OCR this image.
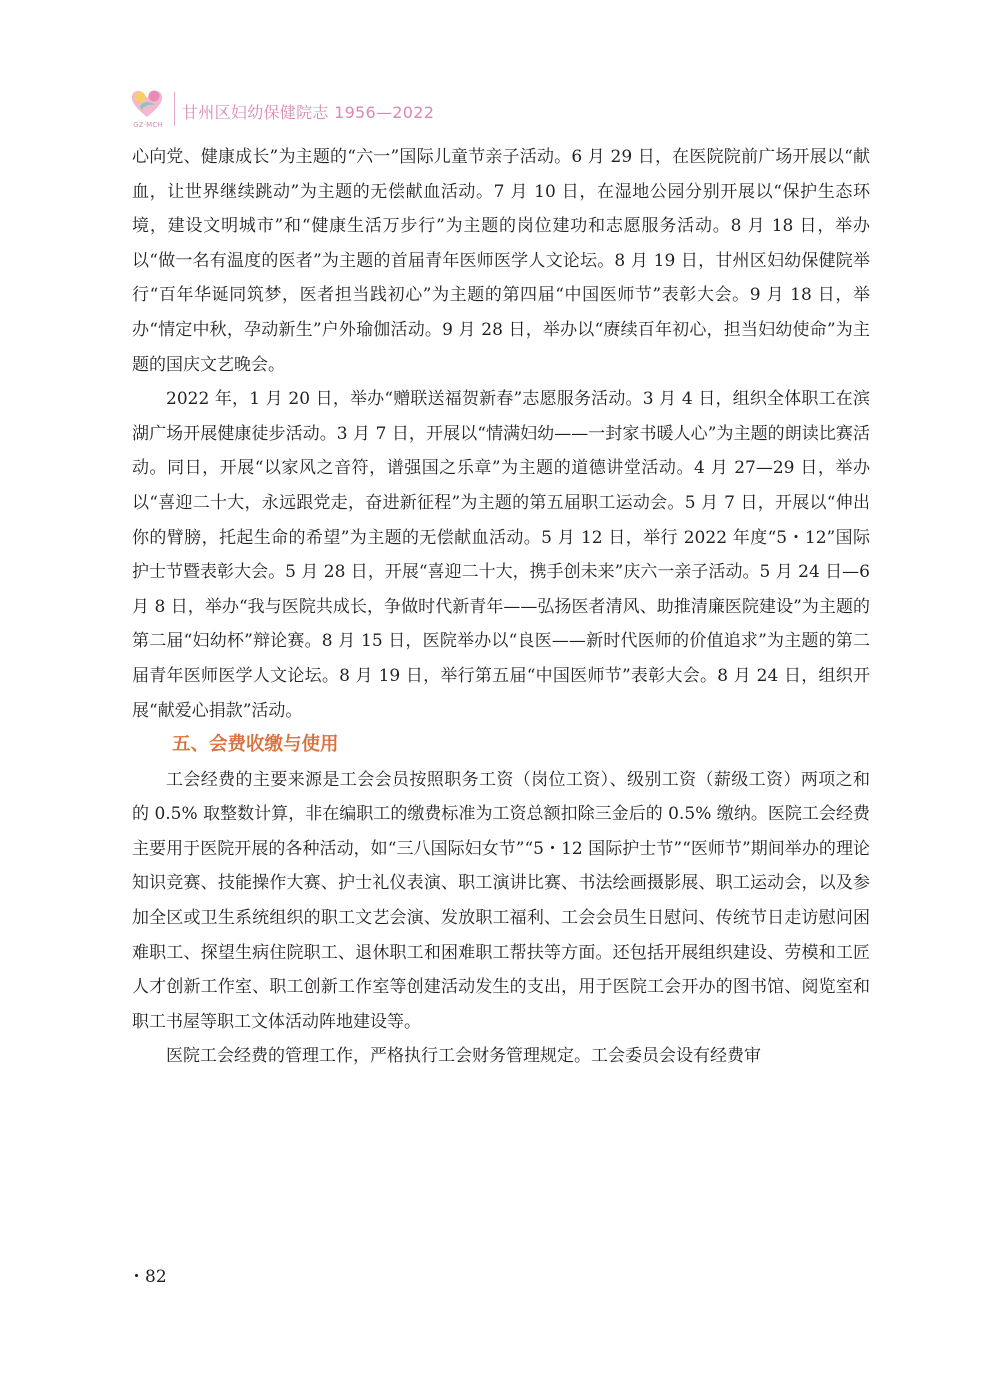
GZ·MCH
甘州区妇幼保健院志 1956—2022

心向党、健康成长”为主题的“六一”国际儿童节亲子活动。6 月 29 日，在医院院前广场开展以“献血，让世界继续跳动”为主题的无偿献血活动。7 月 10 日，在湿地公园分别开展以“保护生态环境，建设文明城市”和“健康生活万步行”为主题的岗位建功和志愿服务活动。8 月 18 日，举办以“做一名有温度的医者”为主题的首届青年医师医学人文论坛。8 月 19 日，甘州区妇幼保健院举行“百年华诞同筑梦，医者担当践初心”为主题的第四届“中国医师节”表彰大会。9 月 18 日，举办“情定中秋，孕动新生”户外瑜伽活动。9 月 28 日，举办以“赓续百年初心，担当妇幼使命”为主题的国庆文艺晚会。

2022 年，1 月 20 日，举办“赠联送福贺新春”志愿服务活动。3 月 4 日，组织全体职工在滨湖广场开展健康徒步活动。3 月 7 日，开展以“情满妇幼——一封家书暖人心”为主题的朗读比赛活动。同日，开展“以家风之音符，谱强国之乐章”为主题的道德讲堂活动。4 月 27—29 日，举办以“喜迎二十大，永远跟党走，奋进新征程”为主题的第五届职工运动会。5 月 7 日，开展以“伸出你的臂膀，托起生命的希望”为主题的无偿献血活动。5 月 12 日，举行 2022 年度“5・12”国际护士节暨表彰大会。5 月 28 日，开展“喜迎二十大，携手创未来”庆六一亲子活动。5 月 24 日—6 月 8 日，举办“我与医院共成长，争做时代新青年——弘扬医者清风、助推清廉医院建设”为主题的第二届“妇幼杯”辩论赛。8 月 15 日，医院举办以“良医——新时代医师的价值追求”为主题的第二届青年医师医学人文论坛。8 月 19 日，举行第五届“中国医师节”表彰大会。8 月 24 日，组织开展“献爱心捐款”活动。

五、会费收缴与使用

工会经费的主要来源是工会会员按照职务工资（岗位工资）、级别工资（薪级工资）两项之和的 0.5% 取整数计算，非在编职工的缴费标准为工资总额扣除三金后的 0.5% 缴纳。医院工会经费主要用于医院开展的各种活动，如“三八国际妇女节”“5・12 国际护士节”“医师节”期间举办的理论知识竞赛、技能操作大赛、护士礼仪表演、职工演讲比赛、书法绘画摄影展、职工运动会，以及参加全区或卫生系统组织的职工文艺会演、发放职工福利、工会会员生日慰问、传统节日走访慰问困难职工、探望生病住院职工、退休职工和困难职工帮扶等方面。还包括开展组织建设、劳模和工匠人才创新工作室、职工创新工作室等创建活动发生的支出，用于医院工会开办的图书馆、阅览室和职工书屋等职工文体活动阵地建设等。

医院工会经费的管理工作，严格执行工会财务管理规定。工会委员会设有经费审

・82
